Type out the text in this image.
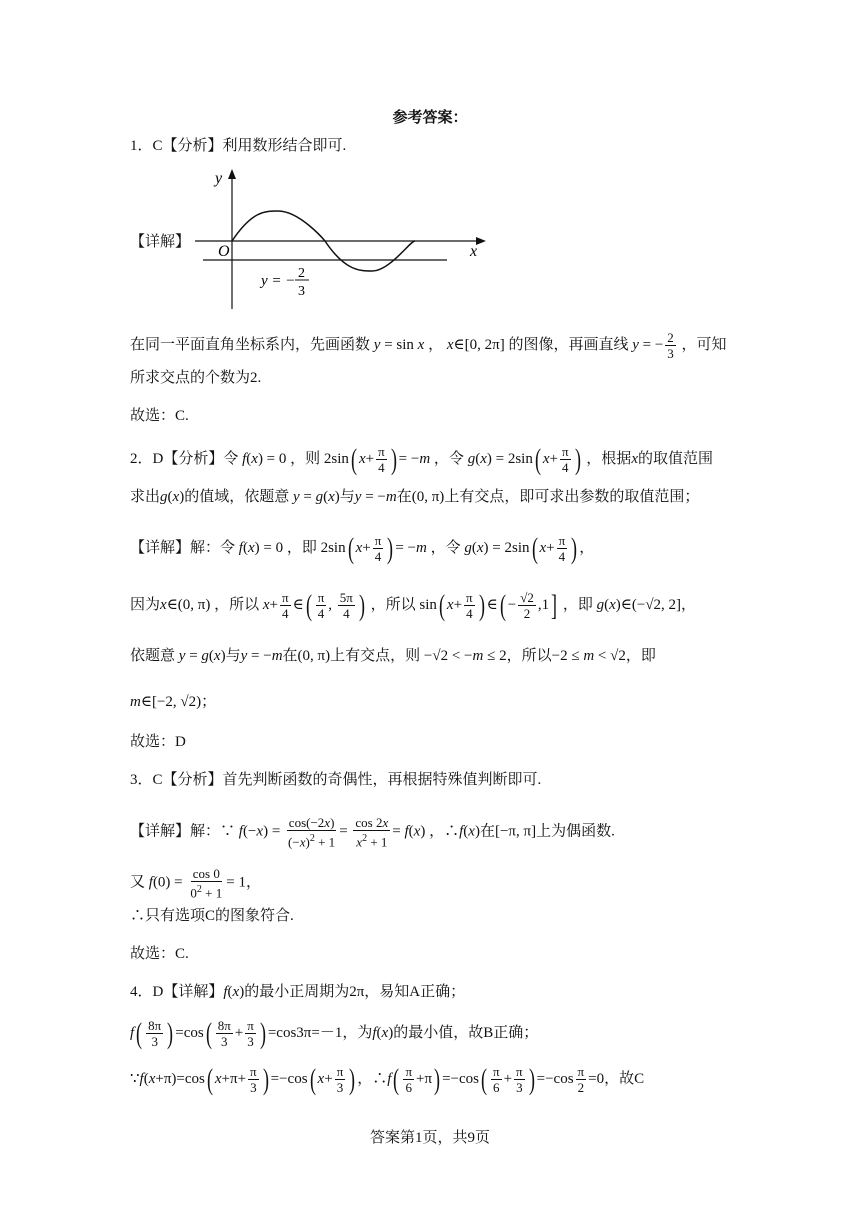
参考答案：
1．C【分析】利用数形结合即可.
【详解】
y
x
O
y = − 2
3
在同一平面直角坐标系内，先画函数 y = sin x ， x∈[0, 2π] 的图像，再画直线 y = − $\frac{2}{3}$ ，可知
所求交点的个数为2.
故选：C.
2．D【分析】令 f(x) = 0 ，则 2sin( $x+ \frac{\pi}{4}$ ) = −m ，令 g(x) = 2sin( $x+ \frac{\pi}{4}$ ) ，根据x的取值范围
求出g(x)的值域，依题意 y = g(x)与y = −m在(0, π)上有交点，即可求出参数的取值范围；
【详解】解：令 f(x) = 0 ，即 2sin( $x+ \frac{\pi}{4}$ ) = −m ，令 g(x) = 2sin( $x+ \frac{\pi}{4}$ ) ，
因为x∈(0, π) ，所以 $x+ \frac{\pi}{4}$ ∈( $\frac{\pi}{4}$ , $\frac{5\pi}{4}$ ) ，所以 sin( $x+ \frac{\pi}{4}$ ) ∈( − $\frac{√2}{2} ,1$] ，即 g(x)∈(−√2, 2]，
依题意 y = g(x)与y = −m在(0, π)上有交点，则 −√2 < −m ≤ 2，所以−2 ≤ m < √2，即
m∈[−2, √2)；
故选：D
3．C【分析】首先判断函数的奇偶性，再根据特殊值判断即可.
【详解】解：∵ $f(-x) = \frac{\cos(-2x)}{(-x)^2 + 1} = \frac{\cos 2x}{x^2 + 1} = f(x)$ ，∴f(x)在[−π, π]上为偶函数.
又 $f(0) = \frac{\cos 0}{0^2 + 1} = 1$，
∴只有选项C的图象符合.
故选：C.
4．D【详解】f(x)的最小正周期为2π，易知A正确；
$f( \frac{8\pi}{3}$ ) $=\cos( \frac{8\pi}{3} + \frac{\pi}{3}$ ) =cos3π=－1，为f(x)的最小值，故B正确；
∵f(x+π)=cos( $x+\pi+ \frac{\pi}{3}$ ) =−cos( $x+ \frac{\pi}{3}$ ) ，∴f( $\frac{\pi}{6} +\pi) =-\cos( \frac{\pi}{6} + \frac{\pi}{3}$ ) $=-\cos \frac{\pi}{2} =0$，故C
答案第1页，共9页
